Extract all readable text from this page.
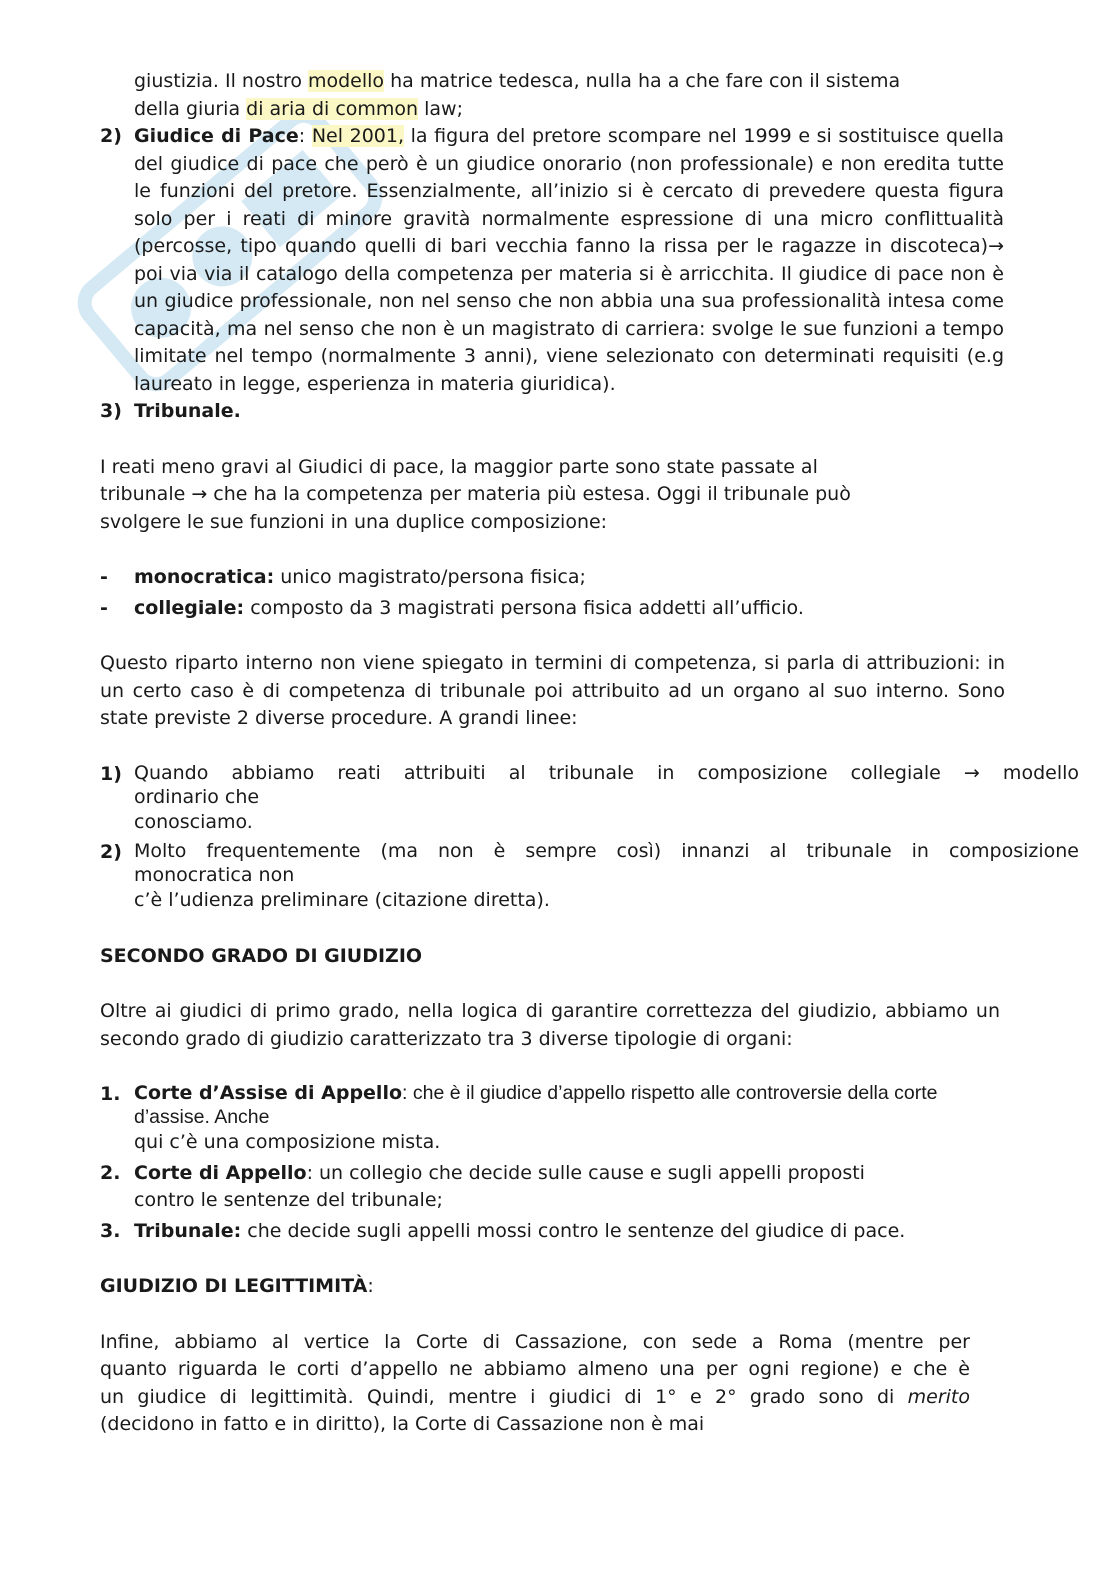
giustizia. Il nostro modello ha matrice tedesca, nulla ha a che fare con il sistema
della giuria di aria di common law;
2) Giudice di Pace: Nel 2001, la figura del pretore scompare nel 1999 e si sostituisce quella del giudice di pace che però è un giudice onorario (non professionale) e non eredita tutte le funzioni del pretore. Essenzialmente, all’inizio si è cercato di prevedere questa figura solo per i reati di minore gravità normalmente espressione di una micro conflittualità (percosse, tipo quando quelli di bari vecchia fanno la rissa per le ragazze in discoteca)→ poi via via il catalogo della competenza per materia si è arricchita. Il giudice di pace non è un giudice professionale, non nel senso che non abbia una sua professionalità intesa come capacità, ma nel senso che non è un magistrato di carriera: svolge le sue funzioni a tempo limitate nel tempo (normalmente 3 anni), viene selezionato con determinati requisiti (e.g laureato in legge, esperienza in materia giuridica).
3) Tribunale.
I reati meno gravi al Giudici di pace, la maggior parte sono state passate al
tribunale → che ha la competenza per materia più estesa. Oggi il tribunale può
svolgere le sue funzioni in una duplice composizione:
- monocratica: unico magistrato/persona fisica;
- collegiale: composto da 3 magistrati persona fisica addetti all’ufficio.
Questo riparto interno non viene spiegato in termini di competenza, si parla di attribuzioni: in un certo caso è di competenza di tribunale poi attribuito ad un organo al suo interno. Sono state previste 2 diverse procedure. A grandi linee:
1) Quando abbiamo reati attribuiti al tribunale in composizione collegiale → modello
ordinario che
conosciamo.
2) Molto frequentemente (ma non è sempre così) innanzi al tribunale in composizione
monocratica non
c’è l’udienza preliminare (citazione diretta).
SECONDO GRADO DI GIUDIZIO
Oltre ai giudici di primo grado, nella logica di garantire correttezza del giudizio, abbiamo un secondo grado di giudizio caratterizzato tra 3 diverse tipologie di organi:
1. Corte d’Assise di Appello: che è il giudice d’appello rispetto alle controversie della corte
d’assise. Anche
qui c’è una composizione mista.
2. Corte di Appello: un collegio che decide sulle cause e sugli appelli proposti
contro le sentenze del tribunale;
3. Tribunale: che decide sugli appelli mossi contro le sentenze del giudice di pace.
GIUDIZIO DI LEGITTIMITÀ:
Infine, abbiamo al vertice la Corte di Cassazione, con sede a Roma (mentre per
quanto riguarda le corti d’appello ne abbiamo almeno una per ogni regione) e che è
un giudice di legittimità. Quindi, mentre i giudici di 1° e 2° grado sono di merito
(decidono in fatto e in diritto), la Corte di Cassazione non è mai
